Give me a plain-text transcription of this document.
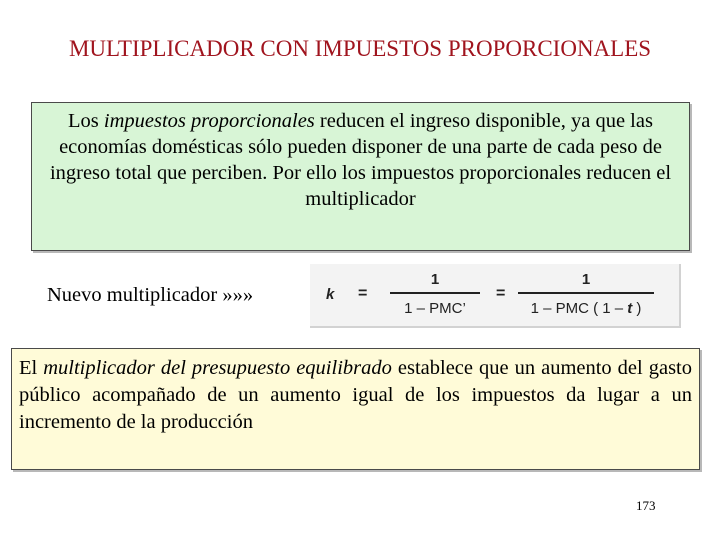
MULTIPLICADOR CON IMPUESTOS PROPORCIONALES
Los impuestos proporcionales reducen el ingreso disponible, ya que las economías domésticas sólo pueden disponer de una parte de cada peso de ingreso total que perciben. Por ello los impuestos proporcionales reducen el multiplicador
Nuevo multiplicador »»»	k =
1
1 – PMC’
=
1
1 – PMC ( 1 – t )
El multiplicador del presupuesto equilibrado establece que un aumento del gasto público acompañado de un aumento igual de los impuestos da lugar a un incremento de la producción
173
